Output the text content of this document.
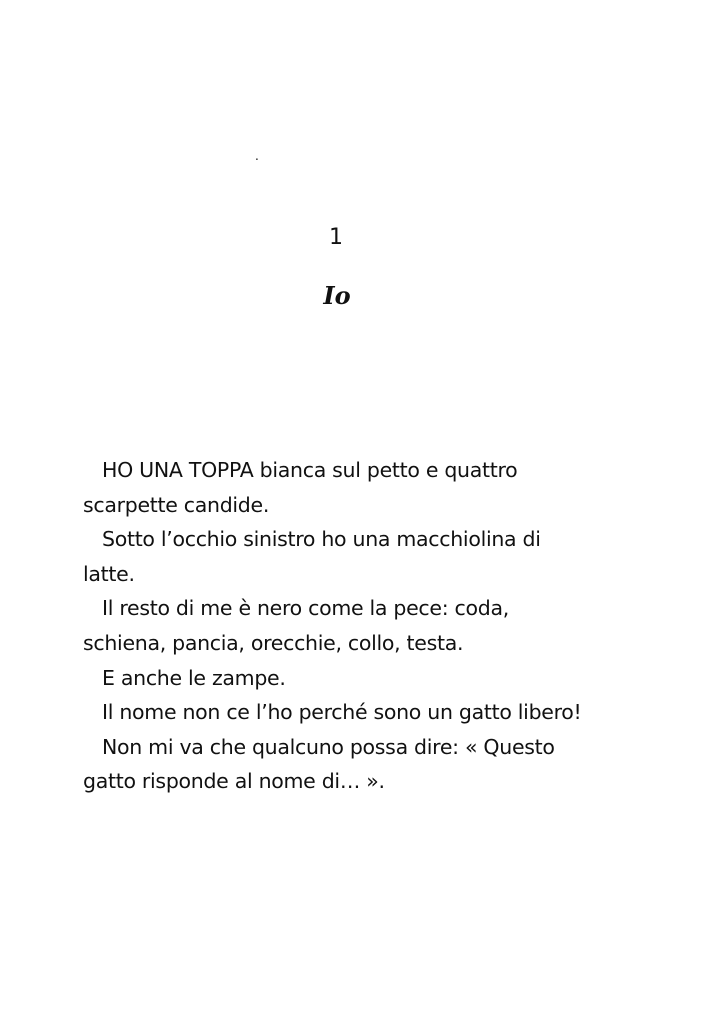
.
1
Io
HO UNA TOPPA bianca sul petto e quattro
scarpette candide.
Sotto l’occhio sinistro ho una macchiolina di
latte.
Il resto di me è nero come la pece: coda,
schiena, pancia, orecchie, collo, testa.
E anche le zampe.
Il nome non ce l’ho perché sono un gatto libero!
Non mi va che qualcuno possa dire: « Questo
gatto risponde al nome di… ».
